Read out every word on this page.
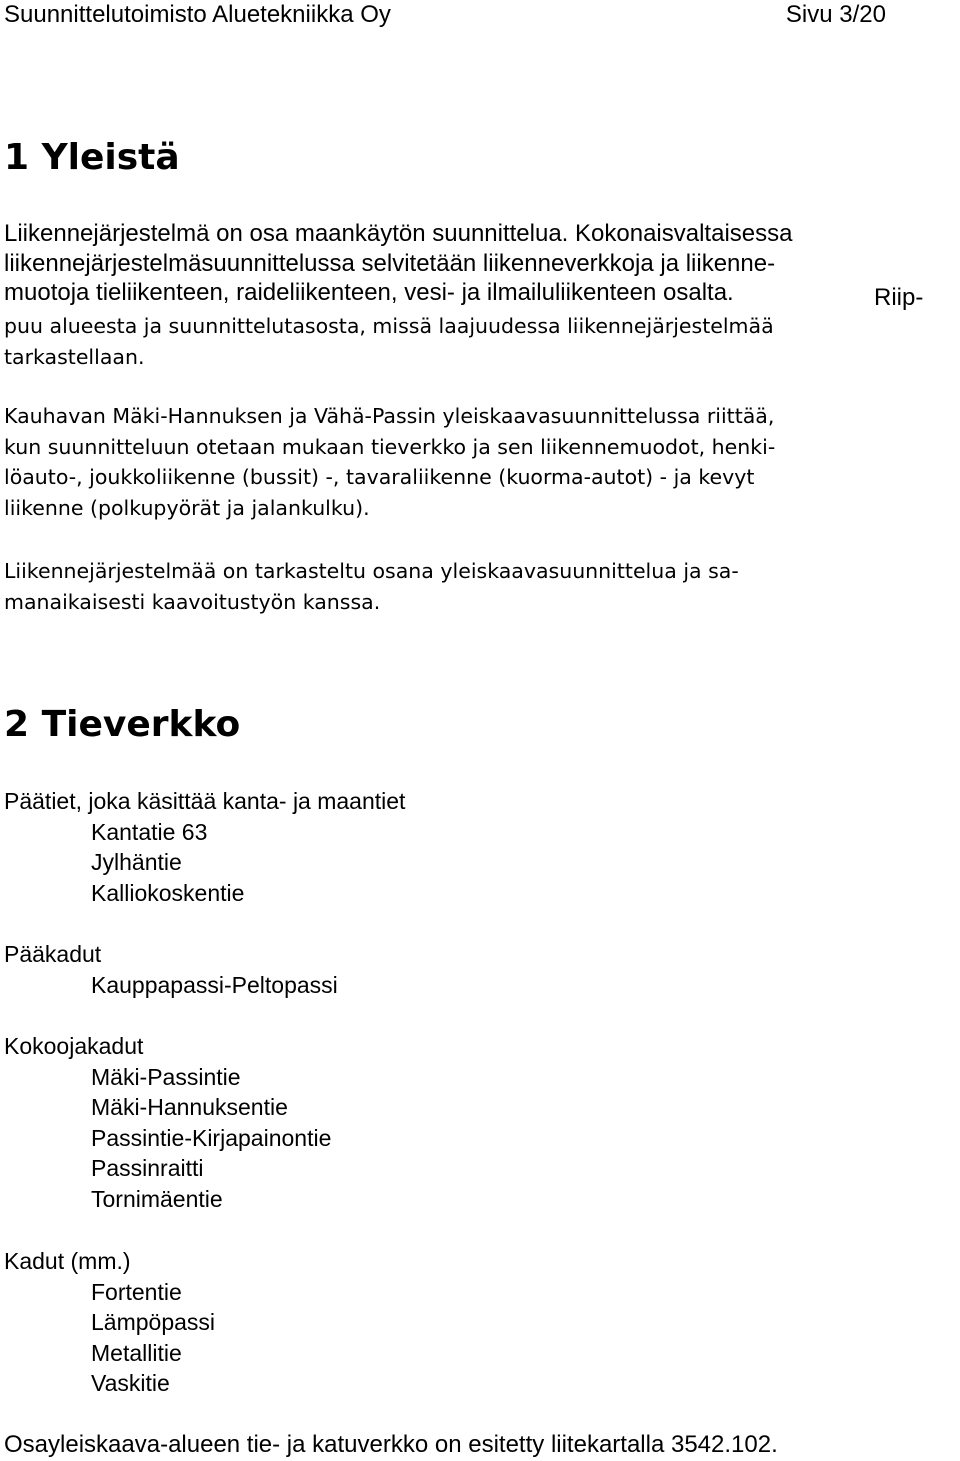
Suunnittelutoimisto Aluetekniikka Oy	Sivu 3/20
1 Yleistä

Liikennejärjestelmä on osa maankäytön suunnittelua. Kokonaisvaltaisessa
liikennejärjestelmäsuunnittelussa selvitetään liikenneverkkoja ja liikenne-
muotoja tieliikenteen, raideliikenteen, vesi- ja ilmailuliikenteen osalta.

puu alueesta ja suunnittelutasosta, missä laajuudessa liikennejärjestelmää
tarkastellaan.

Riip-

Kauhavan Mäki-Hannuksen ja Vähä-Passin yleiskaavasuunnittelussa riittää,
kun suunnitteluun otetaan mukaan tieverkko ja sen liikennemuodot, henki-
löauto-, joukkoliikenne (bussit) -, tavaraliikenne (kuorma-autot) - ja kevyt
liikenne (polkupyörät ja jalankulku).

Liikennejärjestelmää on tarkasteltu osana yleiskaavasuunnittelua ja sa-
manaikaisesti kaavoitustyön kanssa.

2 Tieverkko
Päätiet, joka käsittää kanta- ja maantiet
Kantatie 63
Jylhäntie
Kalliokoskentie
Pääkadut
Kauppapassi-Peltopassi
Kokoojakadut
Mäki-Passintie
Mäki-Hannuksentie
Passintie-Kirjapainontie
Passinraitti
Tornimäentie
Kadut (mm.)
Fortentie
Lämpöpassi
Metallitie
Vaskitie

Osayleiskaava-alueen tie- ja katuverkko on esitetty liitekartalla 3542.102.
